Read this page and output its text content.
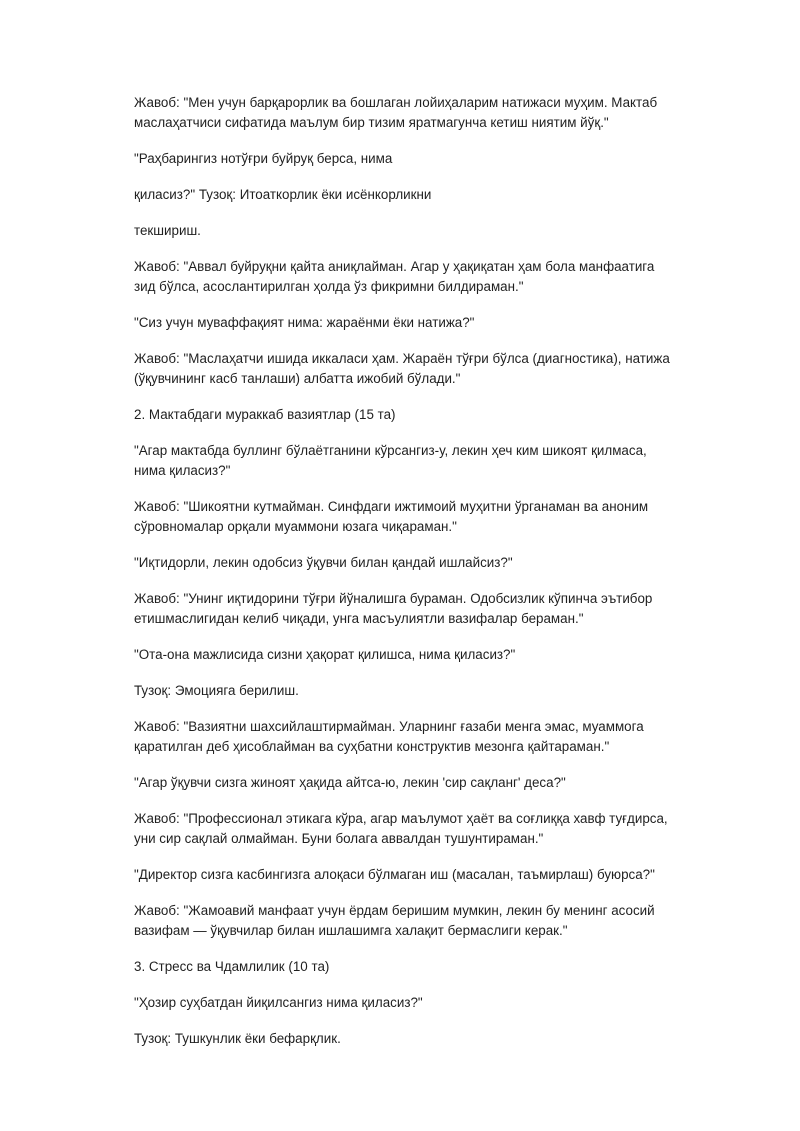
Жавоб: "Мен учун барқарорлик ва бошлаган лойиҳаларим натижаси муҳим. Мактаб маслаҳатчиси сифатида маълум бир тизим яратмагунча кетиш ниятим йўқ."

"Раҳбарингиз нотўғри буйруқ берса, нима

қиласиз?" Тузоқ: Итоаткорлик ёки исёнкорликни

текшириш.

Жавоб: "Аввал буйруқни қайта аниқлайман. Агар у ҳақиқатан ҳам бола манфаатига зид бўлса, асослантирилган ҳолда ўз фикримни билдираман."

"Сиз учун муваффақият нима: жараёнми ёки натижа?"

Жавоб: "Маслаҳатчи ишида иккаласи ҳам. Жараён тўғри бўлса (диагностика), натижа (ўқувчининг касб танлаши) албатта ижобий бўлади."

2. Мактабдаги мураккаб вазиятлар (15 та)

"Агар мактабда буллинг бўлаётганини кўрсангиз-у, лекин ҳеч ким шикоят қилмаса, нима қиласиз?"

Жавоб: "Шикоятни кутмайман. Синфдаги ижтимоий муҳитни ўрганаман ва аноним сўровномалар орқали муаммони юзага чиқараман."

"Иқтидорли, лекин одобсиз ўқувчи билан қандай ишлайсиз?"

Жавоб: "Унинг иқтидорини тўғри йўналишга бураман. Одобсизлик кўпинча эътибор етишмаслигидан келиб чиқади, унга масъулиятли вазифалар бераман."

"Ота-она мажлисида сизни ҳақорат қилишса, нима қиласиз?"

Тузоқ: Эмоцияга берилиш.

Жавоб: "Вазиятни шахсийлаштирмайман. Уларнинг ғазаби менга эмас, муаммога қаратилган деб ҳисоблайман ва суҳбатни конструктив мезонга қайтараман."

"Агар ўқувчи сизга жиноят ҳақида айтса-ю, лекин 'сир сақланг' деса?"

Жавоб: "Профессионал этикага кўра, агар маълумот ҳаёт ва соғлиққа хавф туғдирса, уни сир сақлай олмайман. Буни болага аввалдан тушунтираман."

"Директор сизга касбингизга алоқаси бўлмаган иш (масалан, таъмирлаш) буюрса?"

Жавоб: "Жамоавий манфаат учун ёрдам беришим мумкин, лекин бу менинг асосий вазифам — ўқувчилар билан ишлашимга халақит бермаслиги керак."

3. Стресс ва Чдамлилик (10 та)

"Ҳозир суҳбатдан йиқилсангиз нима қиласиз?"

Тузоқ: Тушкунлик ёки бефарқлик.
